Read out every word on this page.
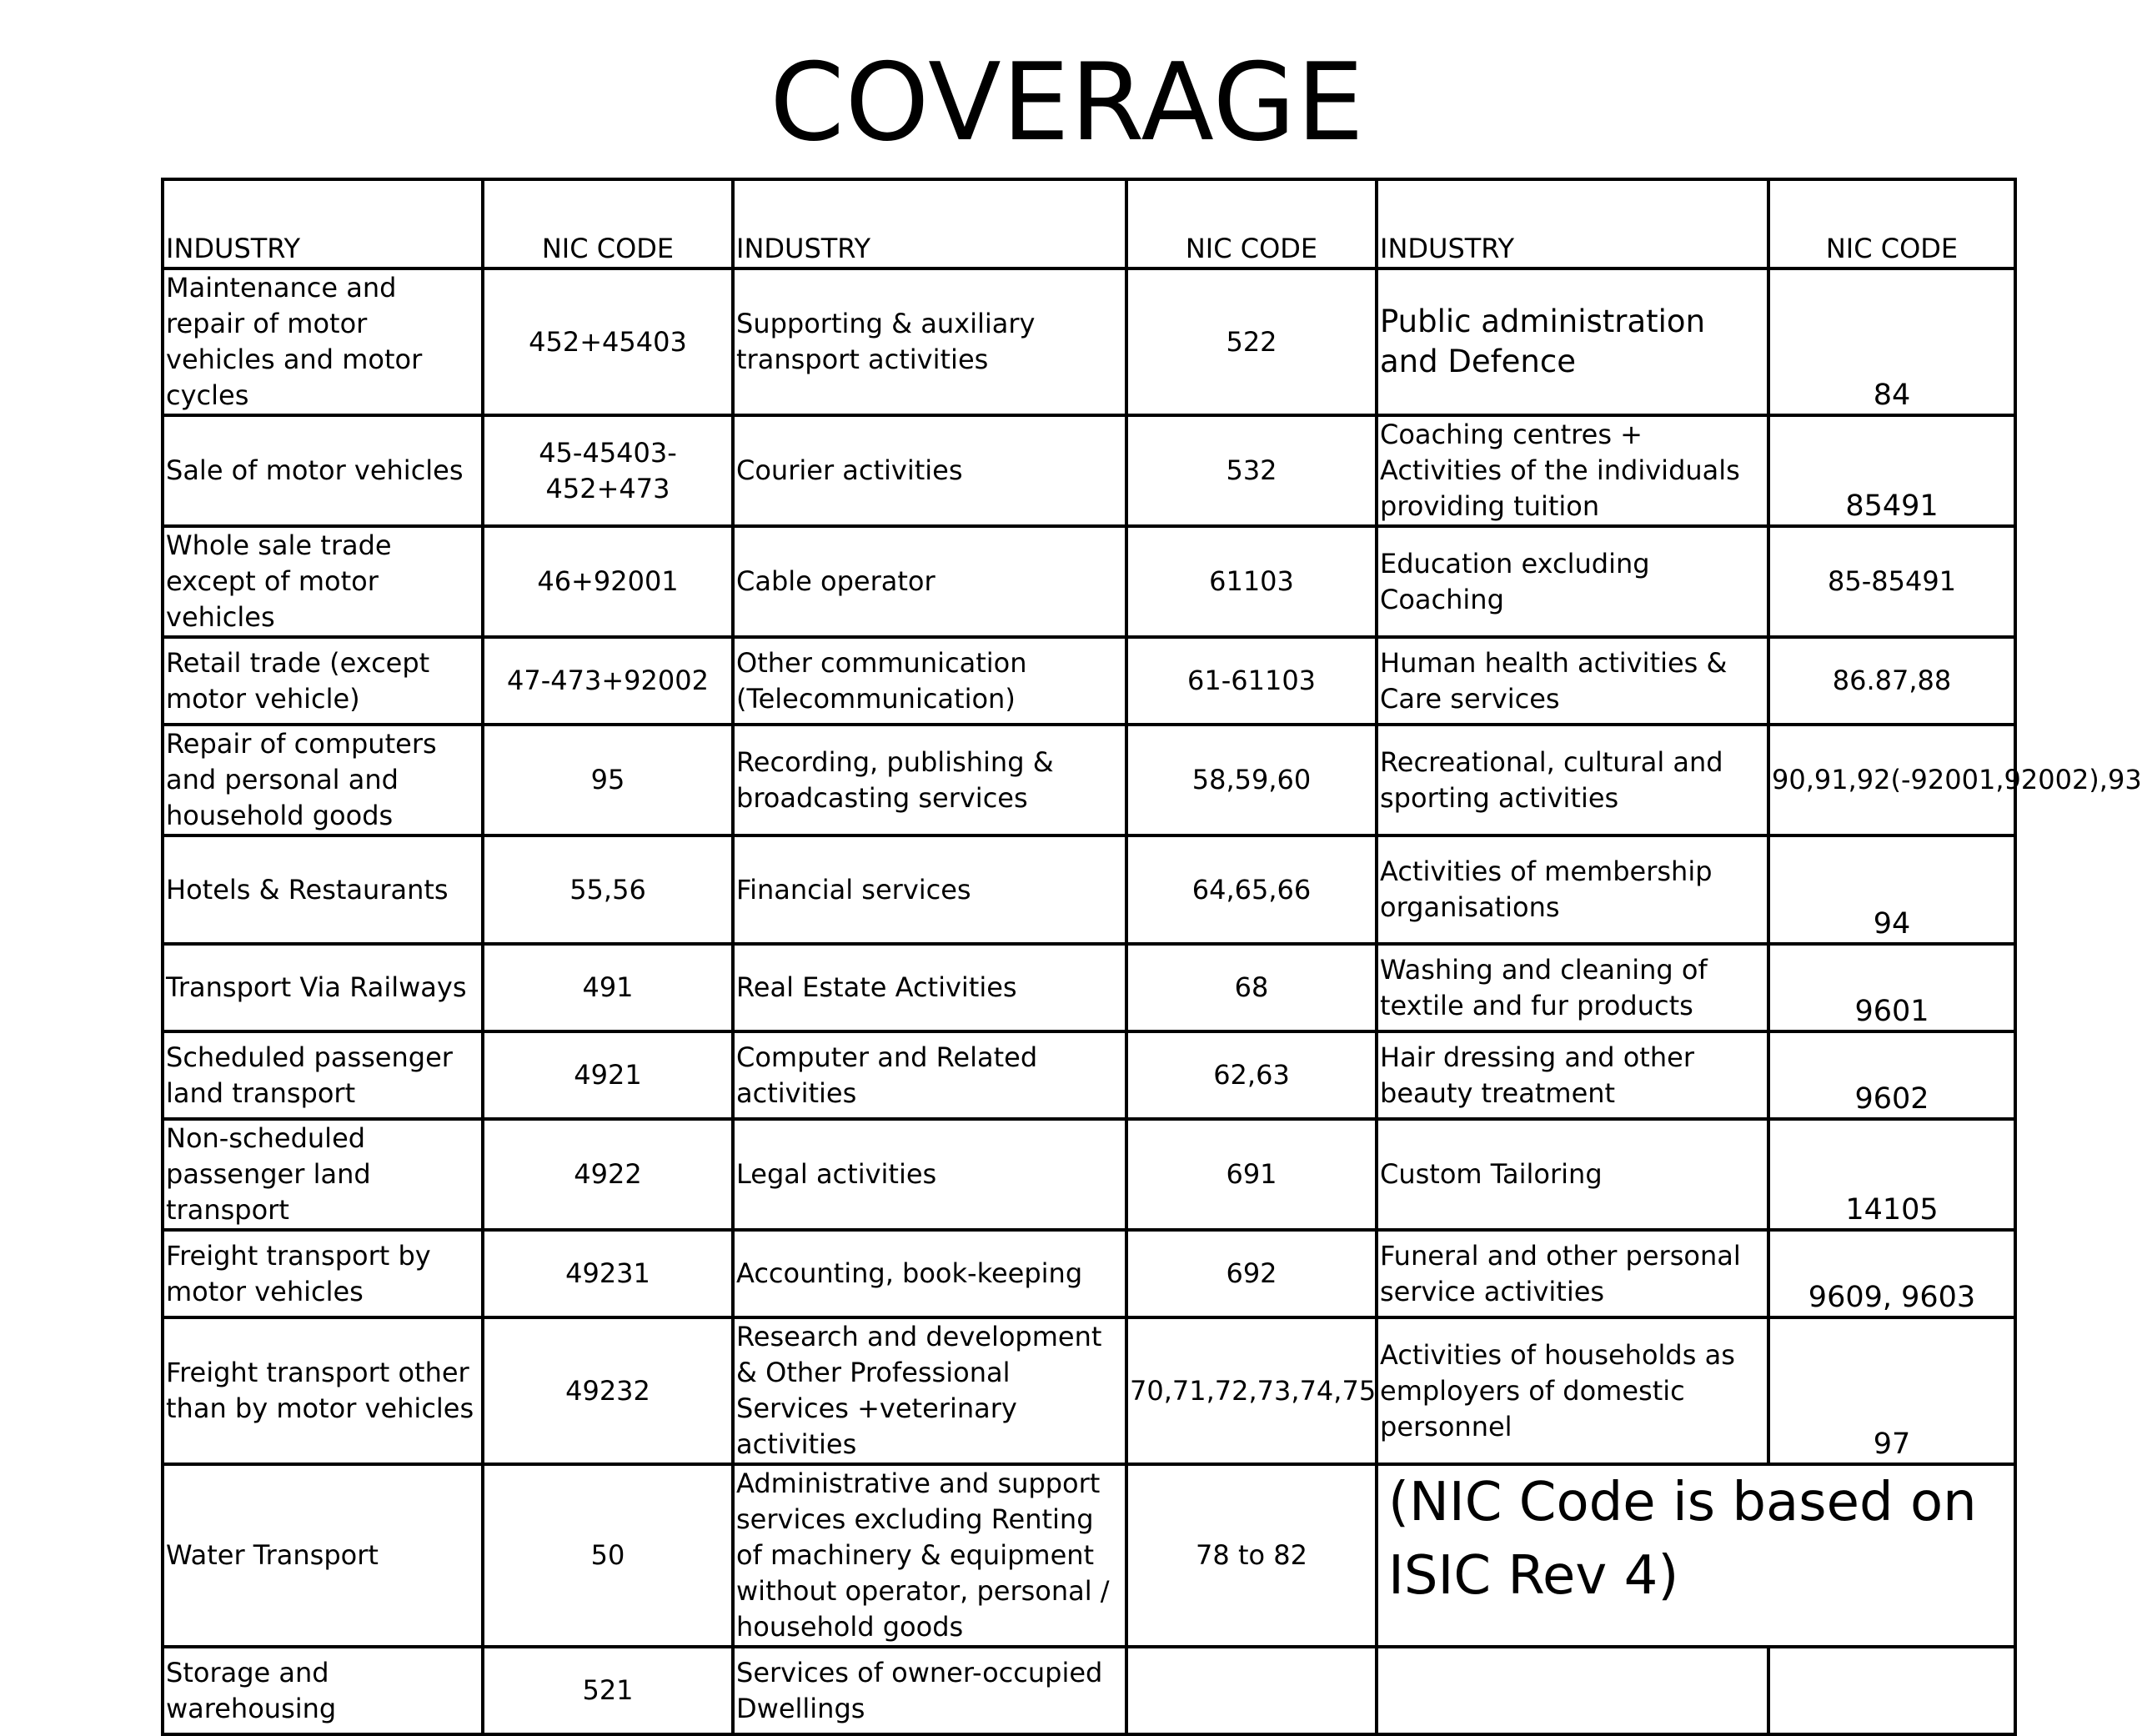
COVERAGE
INDUSTRY	NIC CODE	INDUSTRY	NIC CODE	INDUSTRY	NIC CODE
Maintenance and repair of motor vehicles and motor cycles	452+45403	Supporting & auxiliary transport activities	522	Public administration and Defence	84
Sale of motor vehicles	45-45403-452+473	Courier activities	532	Coaching centres + Activities of the individuals providing tuition	85491
Whole sale trade except of motor vehicles	46+92001	Cable operator	61103	Education excluding Coaching	85-85491
Retail trade (except motor vehicle)	47-473+92002	Other communication (Telecommunication)	61-61103	Human health activities & Care services	86.87,88
Repair of computers and personal and household goods	95	Recording, publishing & broadcasting services	58,59,60	Recreational, cultural and sporting activities	90,91,92(-92001,92002),93
Hotels & Restaurants	55,56	Financial services	64,65,66	Activities of membership organisations	94
Transport Via Railways	491	Real Estate Activities	68	Washing and cleaning of textile and fur products	9601
Scheduled passenger land transport	4921	Computer and Related activities	62,63	Hair dressing and other beauty treatment	9602
Non-scheduled passenger land transport	4922	Legal activities	691	Custom Tailoring	14105
Freight transport by motor vehicles	49231	Accounting, book-keeping	692	Funeral and other personal service activities	9609, 9603
Freight transport other than by motor vehicles	49232	Research and development & Other Professional Services +veterinary activities	70,71,72,73,74,75	Activities of households as employers of domestic personnel	97
Water Transport	50	Administrative and support services excluding Renting of machinery & equipment without operator, personal / household goods	78 to 82	(NIC Code is based on ISIC Rev 4)	
Storage and warehousing	521	Services of owner-occupied Dwellings			
